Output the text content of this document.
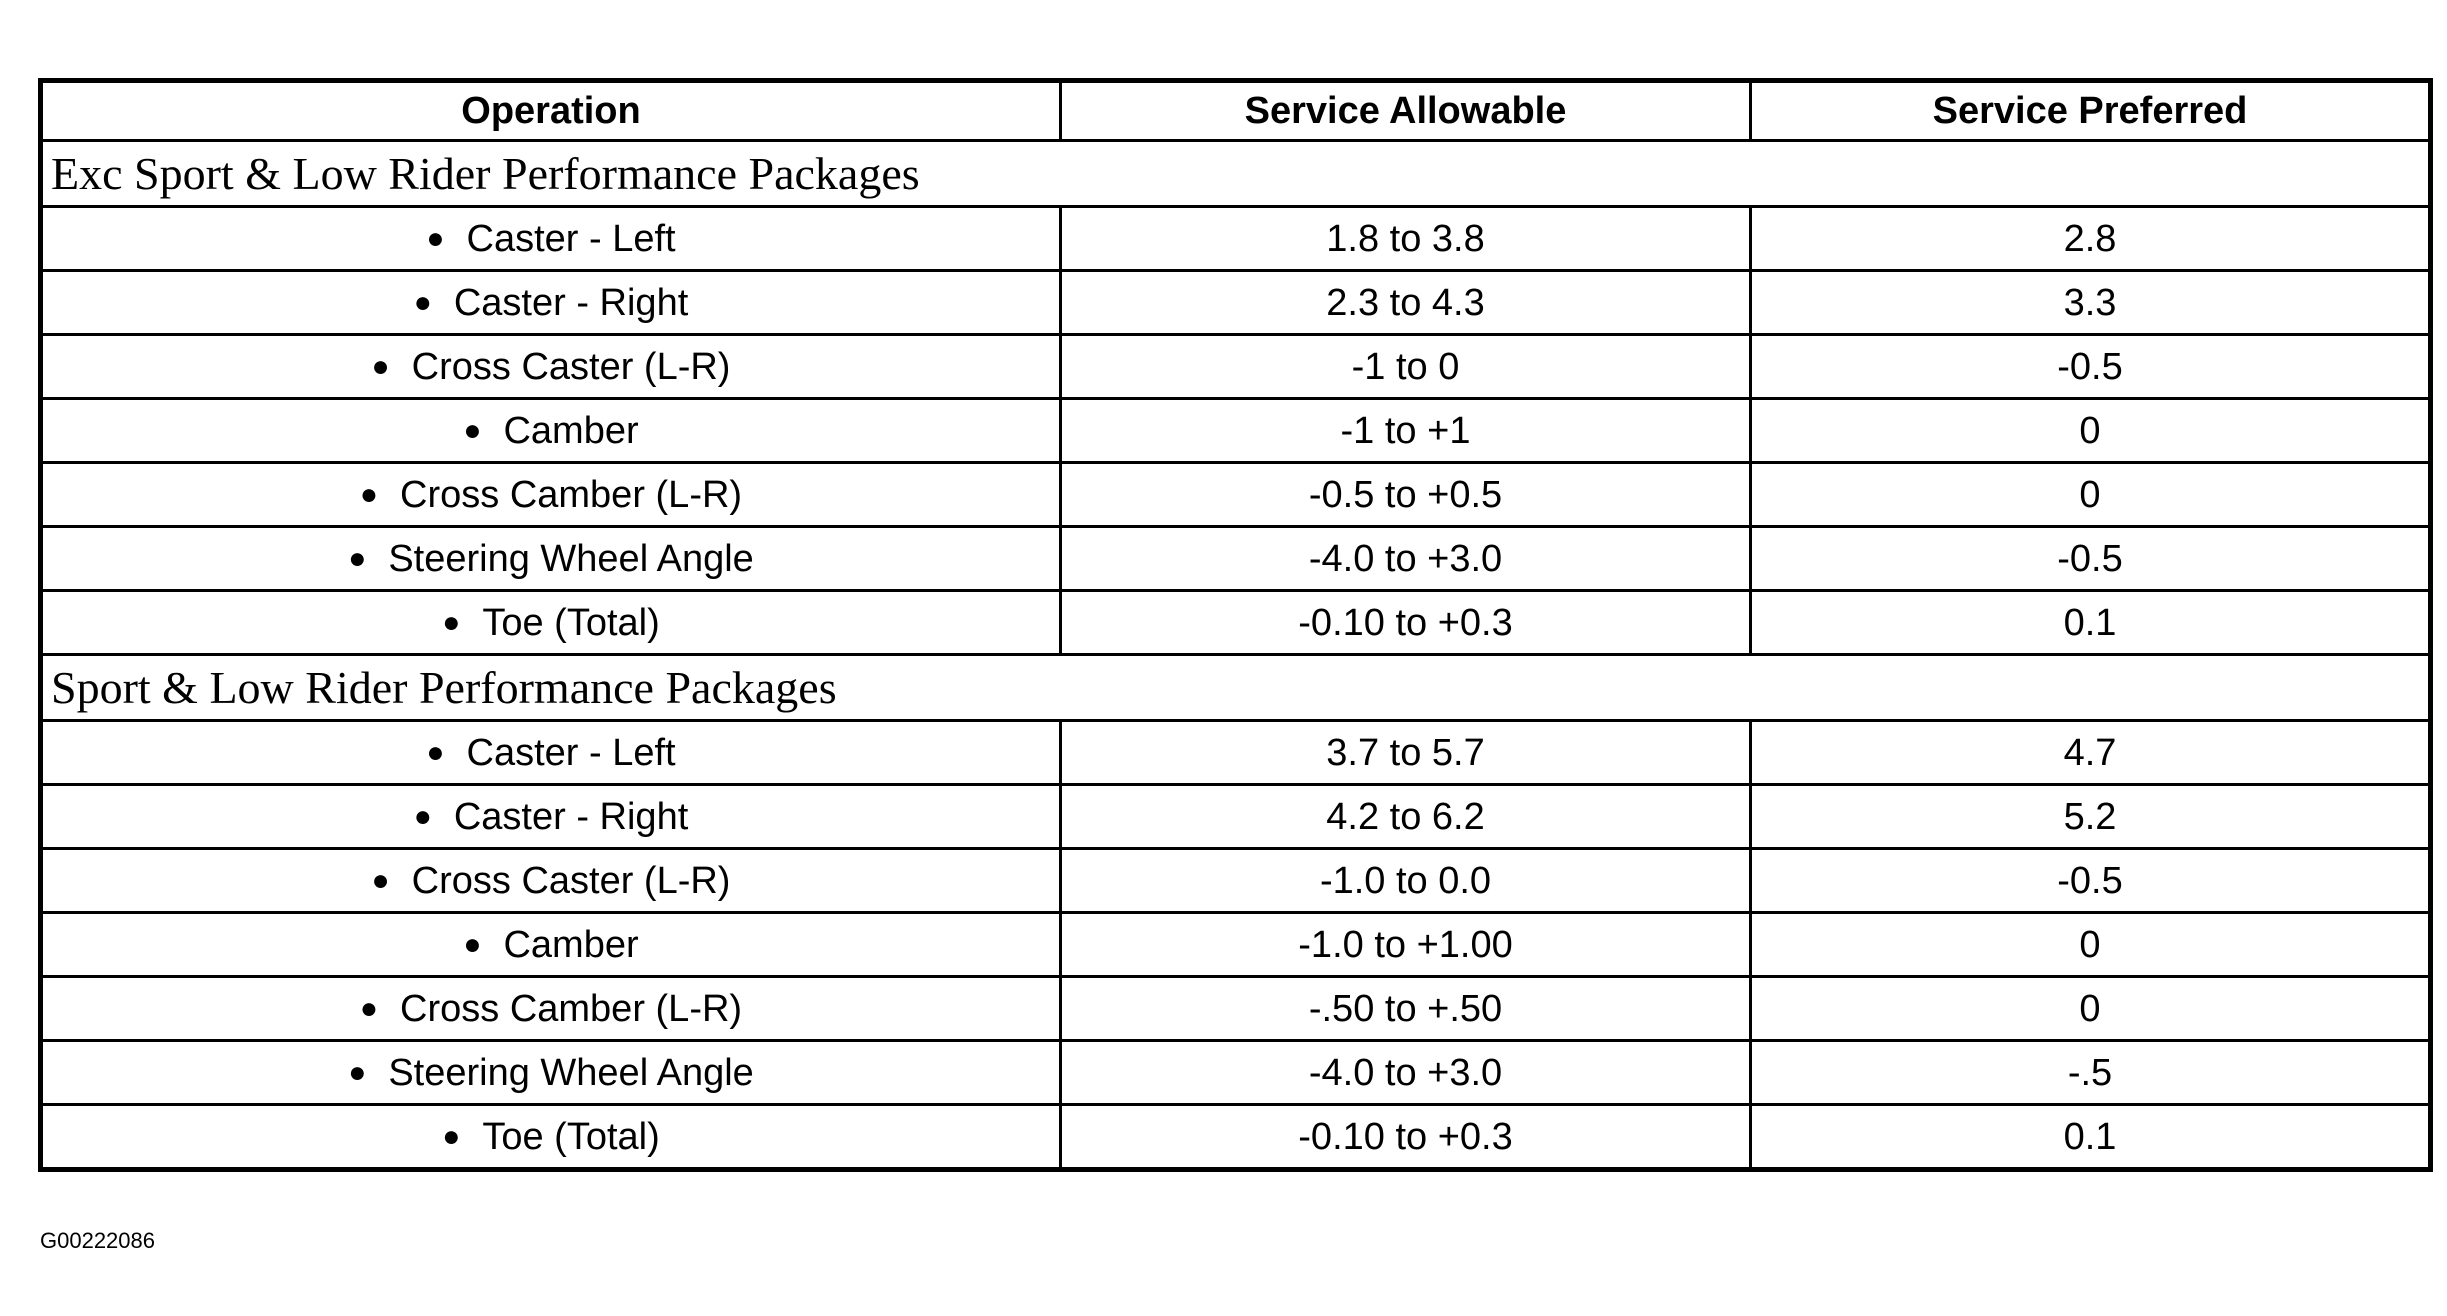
Operation	Service Allowable	Service Preferred
Exc Sport & Low Rider Performance Packages		
● Caster - Left	1.8 to 3.8	2.8
● Caster - Right	2.3 to 4.3	3.3
● Cross Caster (L-R)	-1 to 0	-0.5
● Camber	-1 to +1	0
● Cross Camber (L-R)	-0.5 to +0.5	0
● Steering Wheel Angle	-4.0 to +3.0	-0.5
● Toe (Total)	-0.10 to +0.3	0.1
Sport & Low Rider Performance Packages		
● Caster - Left	3.7 to 5.7	4.7
● Caster - Right	4.2 to 6.2	5.2
● Cross Caster (L-R)	-1.0 to 0.0	-0.5
● Camber	-1.0 to +1.00	0
● Cross Camber (L-R)	-.50 to +.50	0
● Steering Wheel Angle	-4.0 to +3.0	-.5
● Toe (Total)	-0.10 to +0.3	0.1
G00222086
